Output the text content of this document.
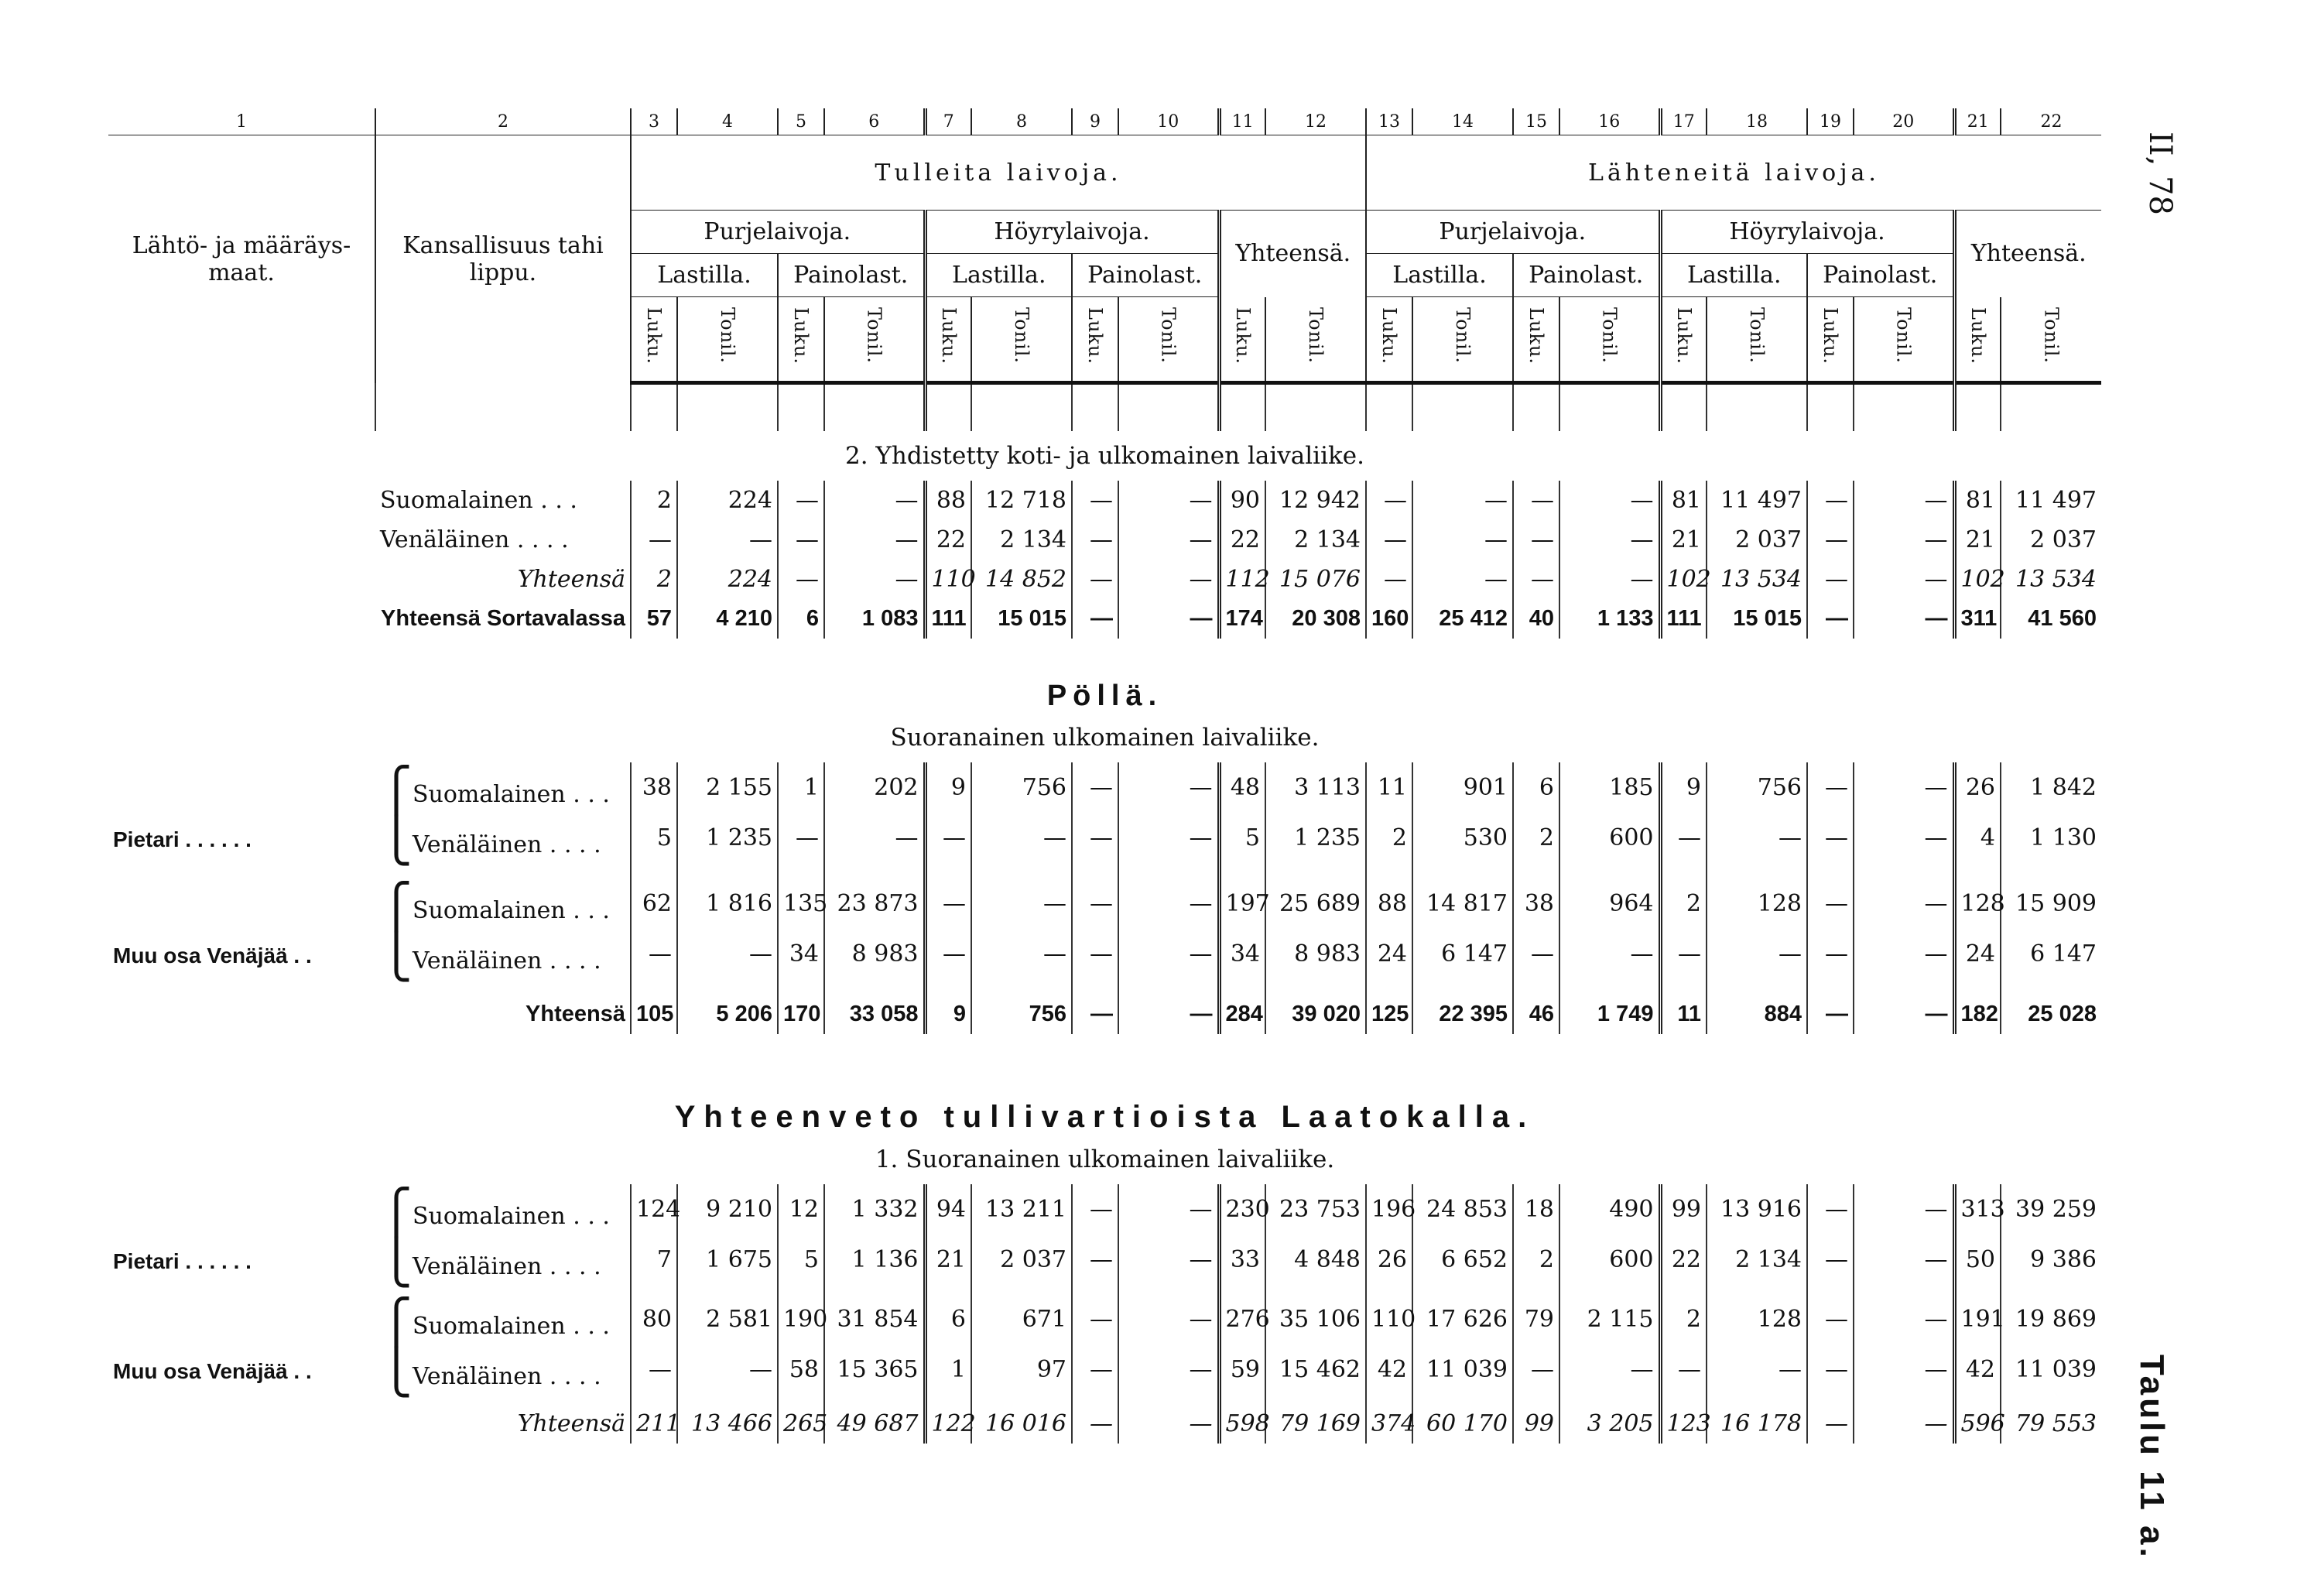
II, 78
Taulu 11 a.
1	2	3	4	5	6	7	8	9	10	11	12	13	14	15	16	17	18	19	20	21	22
Lähtö- ja määräys-maat.	Kansallisuus tahi lippu.	Tulleita laivoja.										Lähteneitä laivoja.									
		Purjelaivoja.				Höyrylaivoja.				Yhteensä.		Purjelaivoja.				Höyrylaivoja.				Yhteensä.	
		Lastilla.		Painolast.		Lastilla.		Painolast.				Lastilla.		Painolast.		Lastilla.		Painolast.			
		Luku.	Tonil.	Luku.	Tonil.	Luku.	Tonil.	Luku.	Tonil.	Luku.	Tonil.	Luku.	Tonil.	Luku.	Tonil.	Luku.	Tonil.	Luku.	Tonil.	Luku.	Tonil.

2. Yhdistetty koti- ja ulkomainen laivaliike.																					
	Suomalainen . . .	2	224	—	—	88	12 718	—	—	90	12 942	—	—	—	—	81	11 497	—	—	81	11 497
	Venäläinen . . . .	—	—	—	—	22	2 134	—	—	22	2 134	—	—	—	—	21	2 037	—	—	21	2 037
	Yhteensä	2	224	—	—	110	14 852	—	—	112	15 076	—	—	—	—	102	13 534	—	—	102	13 534
Yhteensä Sortavalassa		57	4 210	6	1 083	111	15 015	—	—	174	20 308	160	25 412	40	1 133	111	15 015	—	—	311	41 560
Pöllä.																					
Suoranainen ulkomainen laivaliike.																					
Pietari . . . . . .	⎧Suomalainen . . .	38	2 155	1	202	9	756	—	—	48	3 113	11	901	6	185	9	756	—	—	26	1 842
	⎩Venäläinen . . . .	5	1 235	—	—	—	—	—	—	5	1 235	2	530	2	600	—	—	—	—	4	1 130

Muu osa Venäjää . .	⎧Suomalainen . . .	62	1 816	135	23 873	—	—	—	—	197	25 689	88	14 817	38	964	2	128	—	—	128	15 909
	⎩Venäläinen . . . .	—	—	34	8 983	—	—	—	—	34	8 983	24	6 147	—	—	—	—	—	—	24	6 147

	Yhteensä	105	5 206	170	33 058	9	756	—	—	284	39 020	125	22 395	46	1 749	11	884	—	—	182	25 028
Yhteenveto tullivartioista Laatokalla.																					
1. Suoranainen ulkomainen laivaliike.																					
Pietari . . . . . .	⎧Suomalainen . . .	124	9 210	12	1 332	94	13 211	—	—	230	23 753	196	24 853	18	490	99	13 916	—	—	313	39 259
	⎩Venäläinen . . . .	7	1 675	5	1 136	21	2 037	—	—	33	4 848	26	6 652	2	600	22	2 134	—	—	50	9 386

Muu osa Venäjää . .	⎧Suomalainen . . .	80	2 581	190	31 854	6	671	—	—	276	35 106	110	17 626	79	2 115	2	128	—	—	191	19 869
	⎩Venäläinen . . . .	—	—	58	15 365	1	97	—	—	59	15 462	42	11 039	—	—	—	—	—	—	42	11 039

	Yhteensä	211	13 466	265	49 687	122	16 016	—	—	598	79 169	374	60 170	99	3 205	123	16 178	—	—	596	79 553
